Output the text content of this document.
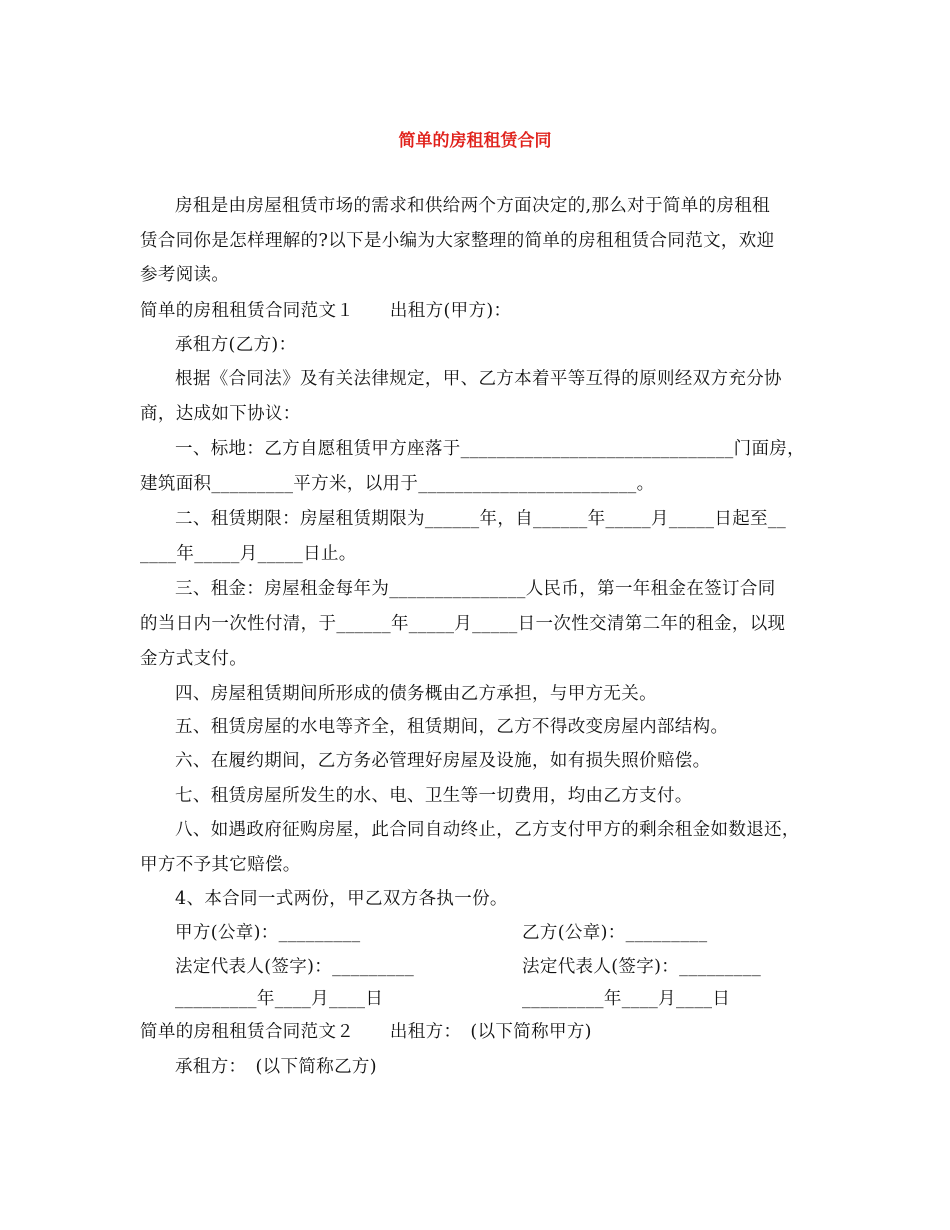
简单的房租租赁合同
房租是由房屋租赁市场的需求和供给两个方面决定的,那么对于简单的房租租
赁合同你是怎样理解的?以下是小编为大家整理的简单的房租租赁合同范文，欢迎
参考阅读。
简单的房租租赁合同范文１　　出租方(甲方)：
承租方(乙方)：
根据《合同法》及有关法律规定，甲、乙方本着平等互得的原则经双方充分协
商，达成如下协议：
一、标地：乙方自愿租赁甲方座落于______________________________门面房，
建筑面积_________平方米，以用于________________________。
二、租赁期限：房屋租赁期限为______年，自______年_____月_____日起至__
____年_____月_____日止。
三、租金：房屋租金每年为_______________人民币，第一年租金在签订合同
的当日内一次性付清，于______年_____月_____日一次性交清第二年的租金，以现
金方式支付。
四、房屋租赁期间所形成的债务概由乙方承担，与甲方无关。
五、租赁房屋的水电等齐全，租赁期间，乙方不得改变房屋内部结构。
六、在履约期间，乙方务必管理好房屋及设施，如有损失照价赔偿。
七、租赁房屋所发生的水、电、卫生等一切费用，均由乙方支付。
八、如遇政府征购房屋，此合同自动终止，乙方支付甲方的剩余租金如数退还，
甲方不予其它赔偿。
4、本合同一式两份，甲乙双方各执一份。
甲方(公章)：_________	乙方(公章)：_________
法定代表人(签字)：_________	法定代表人(签字)：_________
_________年____月____日	_________年____月____日
简单的房租租赁合同范文２　　出租方：　(以下简称甲方)
承租方：　(以下简称乙方)
